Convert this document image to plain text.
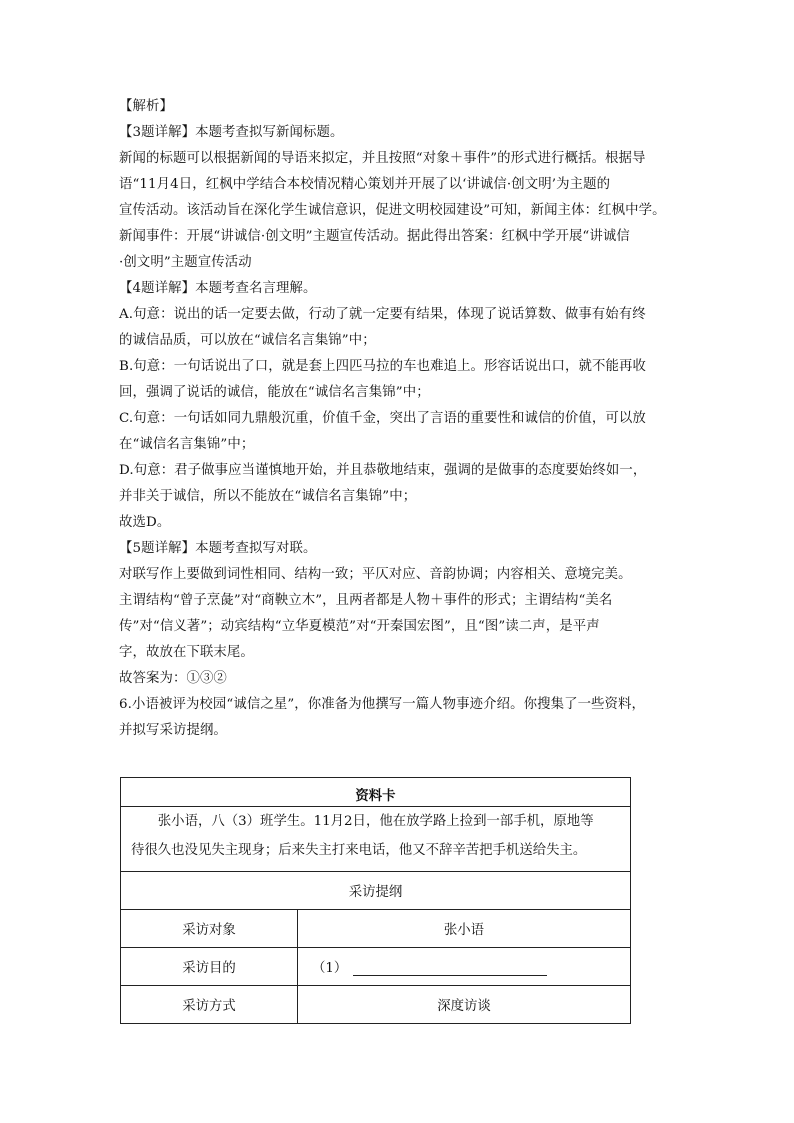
【解析】

【3题详解】本题考查拟写新闻标题。

新闻的标题可以根据新闻的导语来拟定，并且按照“对象＋事件”的形式进行概括。根据导

语“11月4日，红枫中学结合本校情况精心策划并开展了以‘讲诚信·创文明’为主题的

宣传活动。该活动旨在深化学生诚信意识，促进文明校园建设”可知，新闻主体：红枫中学。

新闻事件：开展“讲诚信·创文明”主题宣传活动。据此得出答案：红枫中学开展“讲诚信

·创文明”主题宣传活动

【4题详解】本题考查名言理解。

A.句意：说出的话一定要去做，行动了就一定要有结果，体现了说话算数、做事有始有终

的诚信品质，可以放在“诚信名言集锦”中；

B.句意：一句话说出了口，就是套上四匹马拉的车也难追上。形容话说出口，就不能再收

回，强调了说话的诚信，能放在“诚信名言集锦”中；

C.句意：一句话如同九鼎般沉重，价值千金，突出了言语的重要性和诚信的价值，可以放

在“诚信名言集锦”中；

D.句意：君子做事应当谨慎地开始，并且恭敬地结束，强调的是做事的态度要始终如一，

并非关于诚信，所以不能放在“诚信名言集锦”中；

故选D。

【5题详解】本题考查拟写对联。

对联写作上要做到词性相同、结构一致；平仄对应、音韵协调；内容相关、意境完美。

主谓结构“曾子烹彘”对“商鞅立木”，且两者都是人物＋事件的形式；主谓结构“美名

传”对“信义著”；动宾结构“立华夏模范”对“开秦国宏图”，且“图”读二声，是平声

字，故放在下联末尾。

故答案为：①③②

6.小语被评为校园“诚信之星”，你准备为他撰写一篇人物事迹介绍。你搜集了一些资料，

并拟写采访提纲。

资料卡	
张小语，八（3）班学生。11月2日，他在放学路上捡到一部手机，原地等
待很久也没见失主现身；后来失主打来电话，他又不辞辛苦把手机送给失主。	
采访提纲	
采访对象	张小语
采访目的	（1）
采访方式	深度访谈
